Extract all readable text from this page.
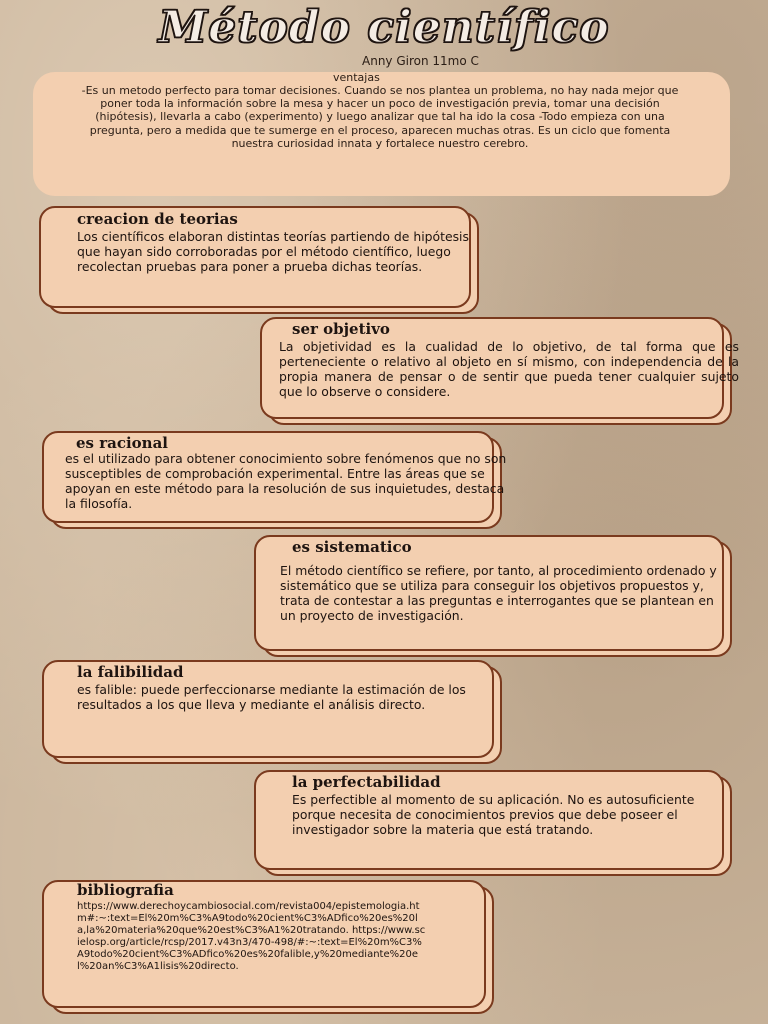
Método científico
Anny Giron 11mo C
ventajas
-Es un metodo perfecto para tomar decisiones. Cuando se nos plantea un problema, no hay nada mejor que poner toda la información sobre la mesa y hacer un poco de investigación previa, tomar una decisión (hipótesis), llevarla a cabo (experimento) y luego analizar que tal ha ido la cosa -Todo empieza con una pregunta, pero a medida que te sumerge en el proceso, aparecen muchas otras. Es un ciclo que fomenta nuestra curiosidad innata y fortalece nuestro cerebro.
creacion de teorias

Los científicos elaboran distintas teorías partiendo de hipótesis que hayan sido corroboradas por el método científico, luego recolectan pruebas para poner a prueba dichas teorías.

ser objetivo

La objetividad es la cualidad de lo objetivo, de tal forma que es perteneciente o relativo al objeto en sí mismo, con independencia de la propia manera de pensar o de sentir que pueda tener cualquier sujeto que lo observe o considere.

es racional

es el utilizado para obtener conocimiento sobre fenómenos que no son susceptibles de comprobación experimental. Entre las áreas que se apoyan en este método para la resolución de sus inquietudes, destaca la filosofía.

es sistematico

El método científico se refiere, por tanto, al procedimiento ordenado y sistemático que se utiliza para conseguir los objetivos propuestos y, trata de contestar a las preguntas e interrogantes que se plantean en un proyecto de investigación.

la falibilidad

es falible: puede perfeccionarse mediante la estimación de los resultados a los que lleva y mediante el análisis directo.

la perfectabilidad

Es perfectible al momento de su aplicación. No es autosuficiente porque necesita de conocimientos previos que debe poseer el investigador sobre la materia que está tratando.

bibliografia

https://www.derechoycambiosocial.com/revista004/epistemologia.htm#:~:text=El%20m%C3%A9todo%20cient%C3%ADfico%20es%20la,la%20materia%20que%20est%C3%A1%20tratando. https://www.scielosp.org/article/rcsp/2017.v43n3/470-498/#:~:text=El%20m%C3%A9todo%20cient%C3%ADfico%20es%20falible,y%20mediante%20el%20an%C3%A1lisis%20directo.
